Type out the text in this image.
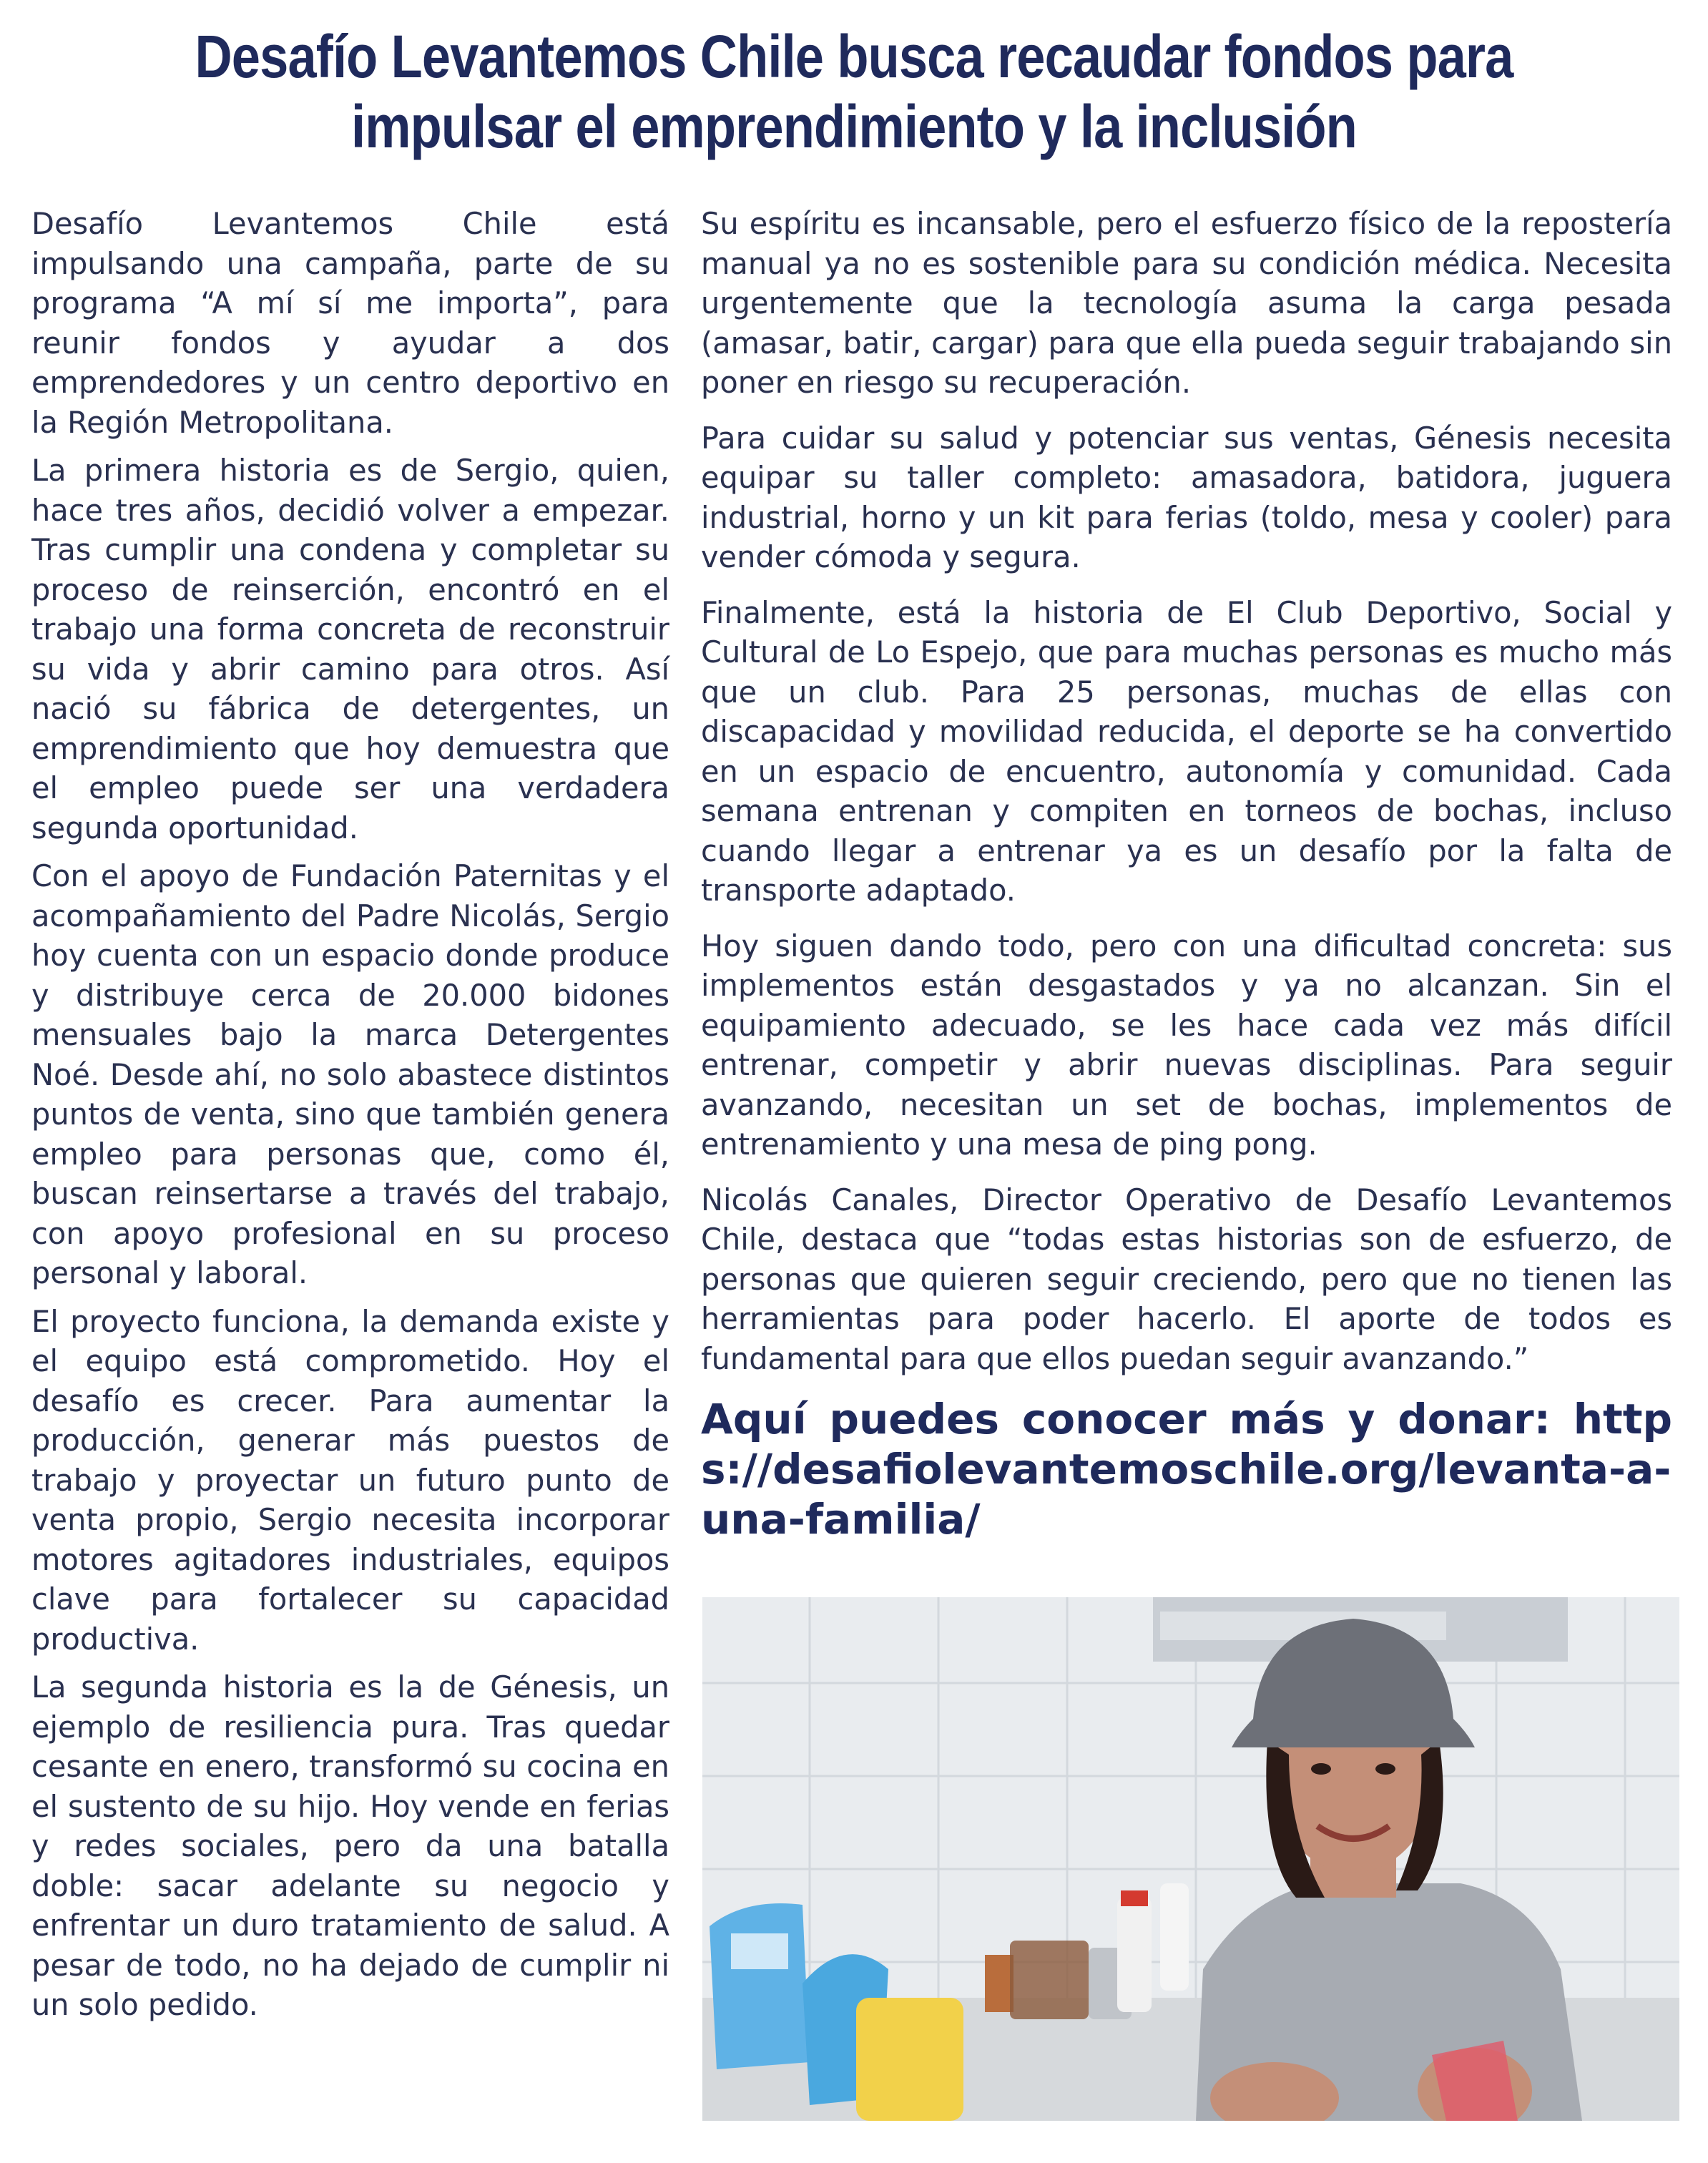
Desafío Levantemos Chile busca recaudar fondos para impulsar el emprendimiento y la inclusión

Desafío Levantemos Chile está impulsando una campaña, parte de su programa “A mí sí me importa”, para reunir fondos y ayudar a dos emprendedores y un centro deportivo en la Región Metropolitana.

La primera historia es de Sergio, quien, hace tres años, decidió volver a empezar. Tras cumplir una condena y completar su proceso de reinserción, encontró en el trabajo una forma concreta de reconstruir su vida y abrir camino para otros. Así nació su fábrica de detergentes, un emprendimiento que hoy demuestra que el empleo puede ser una verdadera segunda oportunidad.

Con el apoyo de Fundación Paternitas y el acompañamiento del Padre Nicolás, Sergio hoy cuenta con un espacio donde produce y distribuye cerca de 20.000 bidones mensuales bajo la marca Detergentes Noé. Desde ahí, no solo abastece distintos puntos de venta, sino que también genera empleo para personas que, como él, buscan reinsertarse a través del trabajo, con apoyo profesional en su proceso personal y laboral.

El proyecto funciona, la demanda existe y el equipo está comprometido. Hoy el desafío es crecer. Para aumentar la producción, generar más puestos de trabajo y proyectar un futuro punto de venta propio, Sergio necesita incorporar motores agitadores industriales, equipos clave para fortalecer su capacidad productiva.

La segunda historia es la de Génesis, un ejemplo de resiliencia pura. Tras quedar cesante en enero, transformó su cocina en el sustento de su hijo. Hoy vende en ferias y redes sociales, pero da una batalla doble: sacar adelante su negocio y enfrentar un duro tratamiento de salud. A pesar de todo, no ha dejado de cumplir ni un solo pedido.

Su espíritu es incansable, pero el esfuerzo físico de la repostería manual ya no es sostenible para su condición médica. Necesita urgentemente que la tecnología asuma la carga pesada (amasar, batir, cargar) para que ella pueda seguir trabajando sin poner en riesgo su recuperación.

Para cuidar su salud y potenciar sus ventas, Génesis necesita equipar su taller completo: amasadora, batidora, juguera industrial, horno y un kit para ferias (toldo, mesa y cooler) para vender cómoda y segura.

Finalmente, está la historia de El Club Deportivo, Social y Cultural de Lo Espejo, que para muchas personas es mucho más que un club. Para 25 personas, muchas de ellas con discapacidad y movilidad reducida, el deporte se ha convertido en un espacio de encuentro, autonomía y comunidad. Cada semana entrenan y compiten en torneos de bochas, incluso cuando llegar a entrenar ya es un desafío por la falta de transporte adaptado.

Hoy siguen dando todo, pero con una dificultad concreta: sus implementos están desgastados y ya no alcanzan. Sin el equipamiento adecuado, se les hace cada vez más difícil entrenar, competir y abrir nuevas disciplinas. Para seguir avanzando, necesitan un set de bochas, implementos de entrenamiento y una mesa de ping pong.

Nicolás Canales, Director Operativo de Desafío Levantemos Chile, destaca que “todas estas historias son de esfuerzo, de personas que quieren seguir creciendo, pero que no tienen las herramientas para poder hacerlo. El aporte de todos es fundamental para que ellos puedan seguir avanzando.”

Aquí puedes conocer más y donar: https://desafiolevantemoschile.org/levanta-a-una-familia/
